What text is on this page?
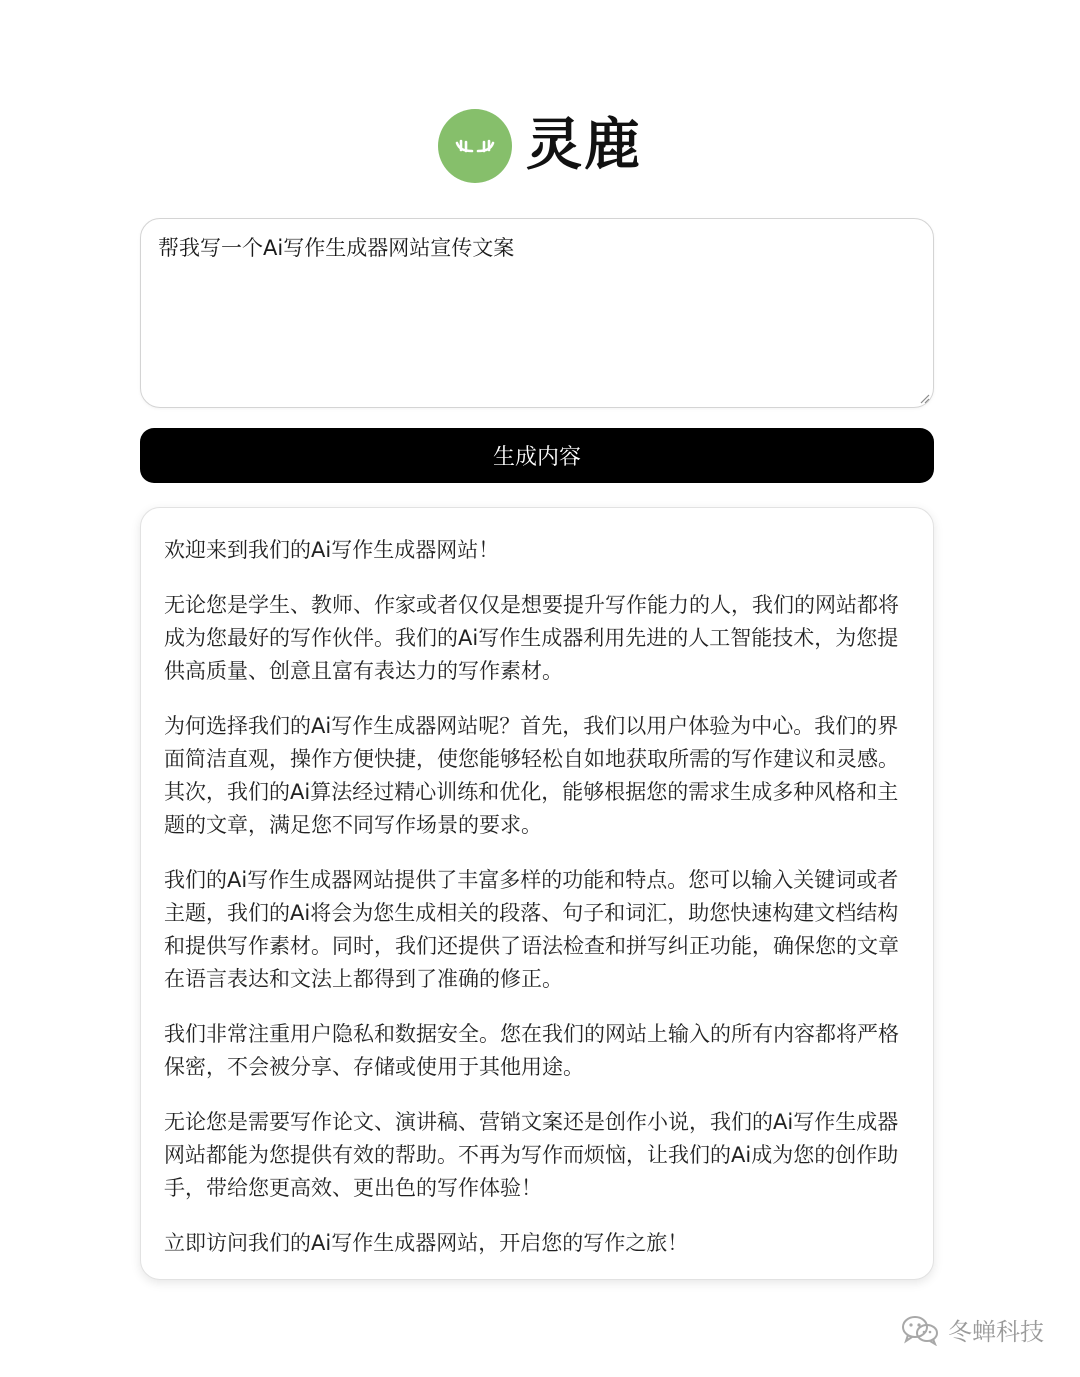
灵鹿
帮我写一个Ai写作生成器网站宣传文案
生成内容

欢迎来到我们的Ai写作生成器网站！

无论您是学生、教师、作家或者仅仅是想要提升写作能力的人，我们的网站都将成为您最好的写作伙伴。我们的Ai写作生成器利用先进的人工智能技术，为您提供高质量、创意且富有表达力的写作素材。

为何选择我们的Ai写作生成器网站呢？首先，我们以用户体验为中心。我们的界面简洁直观，操作方便快捷，使您能够轻松自如地获取所需的写作建议和灵感。其次，我们的Ai算法经过精心训练和优化，能够根据您的需求生成多种风格和主题的文章，满足您不同写作场景的要求。

我们的Ai写作生成器网站提供了丰富多样的功能和特点。您可以输入关键词或者主题，我们的Ai将会为您生成相关的段落、句子和词汇，助您快速构建文档结构和提供写作素材。同时，我们还提供了语法检查和拼写纠正功能，确保您的文章在语言表达和文法上都得到了准确的修正。

我们非常注重用户隐私和数据安全。您在我们的网站上输入的所有内容都将严格保密，不会被分享、存储或使用于其他用途。

无论您是需要写作论文、演讲稿、营销文案还是创作小说，我们的Ai写作生成器网站都能为您提供有效的帮助。不再为写作而烦恼，让我们的Ai成为您的创作助手，带给您更高效、更出色的写作体验！

立即访问我们的Ai写作生成器网站，开启您的写作之旅！

冬蝉科技
